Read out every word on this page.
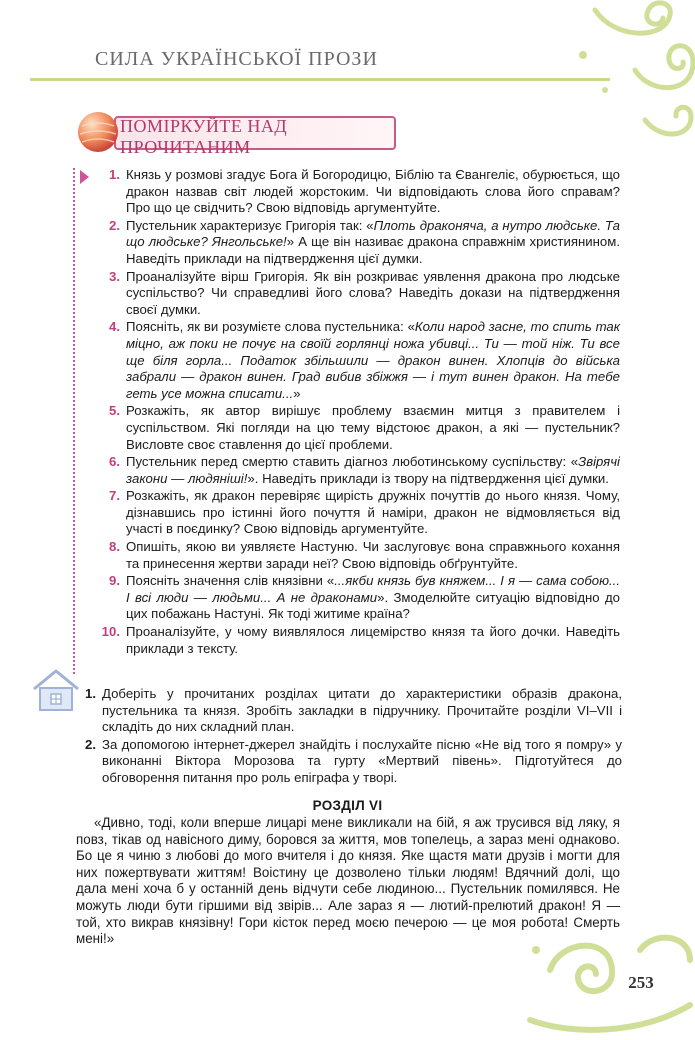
СИЛА УКРАЇНСЬКОЇ ПРОЗИ
ПОМІРКУЙТЕ НАД ПРОЧИТАНИМ
1. Князь у розмові згадує Бога й Богородицю, Біблію та Євангеліє, обурюється, що дракон назвав світ людей жорстоким. Чи відповідають слова його справам? Про що це свідчить? Свою відповідь аргументуйте.
2. Пустельник характеризує Григорія так: «Плоть драконяча, а нутро людське. Та що людське? Янгольське!» А ще він називає дракона справжнім християнином. Наведіть приклади на підтвердження цієї думки.
3. Проаналізуйте вірш Григорія. Як він розкриває уявлення дракона про людське суспільство? Чи справедливі його слова? Наведіть докази на підтвердження своєї думки.
4. Поясніть, як ви розумієте слова пустельника: «Коли народ засне, то спить так міцно, аж поки не почує на своїй горлянці ножа убивці... Ти — той ніж. Ти все ще біля горла... Податок збільшили — дракон винен. Хлопців до війська забрали — дракон винен. Град вибив збіжжя — і тут винен дракон. На тебе геть усе можна списати...»
5. Розкажіть, як автор вирішує проблему взаємин митця з правителем і суспільством. Які погляди на цю тему відстоює дракон, а які — пустельник? Висловте своє ставлення до цієї проблеми.
6. Пустельник перед смертю ставить діагноз люботинському суспільству: «Звірячі закони — людяніші!». Наведіть приклади із твору на підтвердження цієї думки.
7. Розкажіть, як дракон перевіряє щирість дружніх почуттів до нього князя. Чому, дізнавшись про істинні його почуття й наміри, дракон не відмовляється від участі в поєдинку? Свою відповідь аргументуйте.
8. Опишіть, якою ви уявляєте Настуню. Чи заслуговує вона справжнього кохання та принесення жертви заради неї? Свою відповідь обґрунтуйте.
9. Поясніть значення слів князівни «...якби князь був княжем... І я — сама собою... І всі люди — людьми... А не драконами». Змоделюйте ситуацію відповідно до цих побажань Настуні. Як тоді житиме країна?
10. Проаналізуйте, у чому виявлялося лицемірство князя та його дочки. Наведіть приклади з тексту.
1. Доберіть у прочитаних розділах цитати до характеристики образів дракона, пустельника та князя. Зробіть закладки в підручнику. Прочитайте розділи VI–VII і складіть до них складний план.
2. За допомогою інтернет-джерел знайдіть і послухайте пісню «Не від того я помру» у виконанні Віктора Морозова та гурту «Мертвий півень». Підготуйтеся до обговорення питання про роль епіграфа у творі.
РОЗДІЛ VI
«Дивно, тоді, коли вперше лицарі мене викликали на бій, я аж трусився від ляку, я повз, тікав од навісного диму, боровся за життя, мов топелець, а зараз мені однаково. Бо це я чиню з любові до мого вчителя і до князя. Яке щастя мати друзів і могти для них пожертвувати життям! Воістину це дозволено тільки людям! Вдячний долі, що дала мені хоча б у останній день відчути себе людиною... Пустельник помилявся. Не можуть люди бути гіршими від звірів... Але зараз я — лютий-прелютий дракон! Я — той, хто викрав князівну! Гори кісток перед моєю печерою — це моя робота! Смерть мені!»
253
